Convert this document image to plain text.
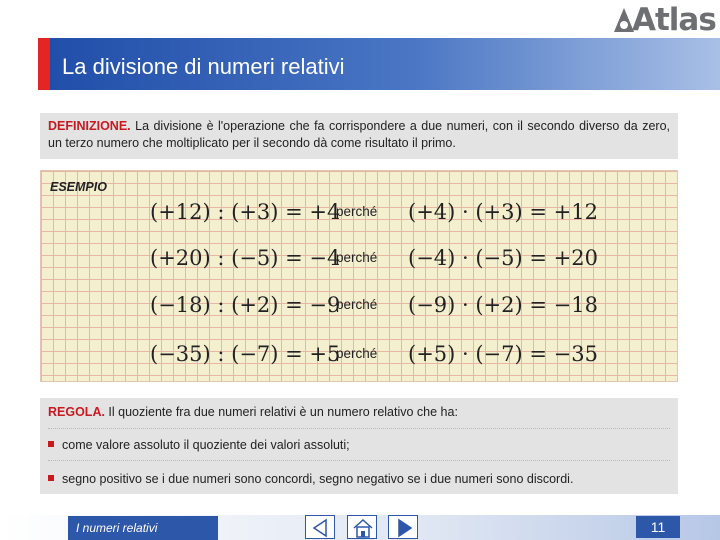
Atlas
La divisione di numeri relativi
DEFINIZIONE. La divisione è l'operazione che fa corrispondere a due numeri, con il secondo diverso da zero, un terzo numero che moltiplicato per il secondo dà come risultato il primo.
ESEMPIO
(+12) : (+3) = +4
perché (+4) · (+3) = +12
(+20) : (−5) = −4
perché (−4) · (−5) = +20
(−18) : (+2) = −9
perché (−9) · (+2) = −18
(−35) : (−7) = +5
perché (+5) · (−7) = −35
REGOLA. Il quoziente fra due numeri relativi è un numero relativo che ha:
come valore assoluto il quoziente dei valori assoluti;
segno positivo se i due numeri sono concordi, segno negativo se i due numeri sono discordi.
I numeri relativi	11
